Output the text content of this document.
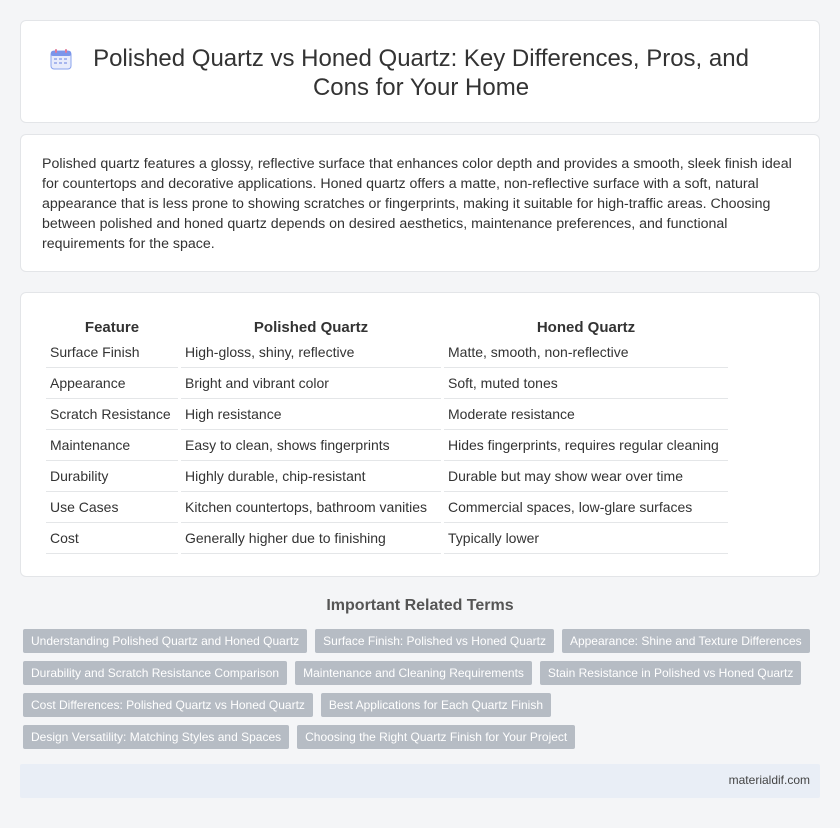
Polished Quartz vs Honed Quartz: Key Differences, Pros, and Cons for Your Home

Polished quartz features a glossy, reflective surface that enhances color depth and provides a smooth, sleek finish ideal for countertops and decorative applications. Honed quartz offers a matte, non-reflective surface with a soft, natural appearance that is less prone to showing scratches or fingerprints, making it suitable for high-traffic areas. Choosing between polished and honed quartz depends on desired aesthetics, maintenance preferences, and functional requirements for the space.

Feature	Polished Quartz	Honed Quartz
Surface Finish	High-gloss, shiny, reflective	Matte, smooth, non-reflective
Appearance	Bright and vibrant color	Soft, muted tones
Scratch Resistance	High resistance	Moderate resistance
Maintenance	Easy to clean, shows fingerprints	Hides fingerprints, requires regular cleaning
Durability	Highly durable, chip-resistant	Durable but may show wear over time
Use Cases	Kitchen countertops, bathroom vanities	Commercial spaces, low-glare surfaces
Cost	Generally higher due to finishing	Typically lower
Important Related Terms
Understanding Polished Quartz and Honed Quartz	Surface Finish: Polished vs Honed Quartz	Appearance: Shine and Texture Differences
Durability and Scratch Resistance Comparison	Maintenance and Cleaning Requirements	Stain Resistance in Polished vs Honed Quartz
Cost Differences: Polished Quartz vs Honed Quartz	Best Applications for Each Quartz Finish
Design Versatility: Matching Styles and Spaces	Choosing the Right Quartz Finish for Your Project
materialdif.com
